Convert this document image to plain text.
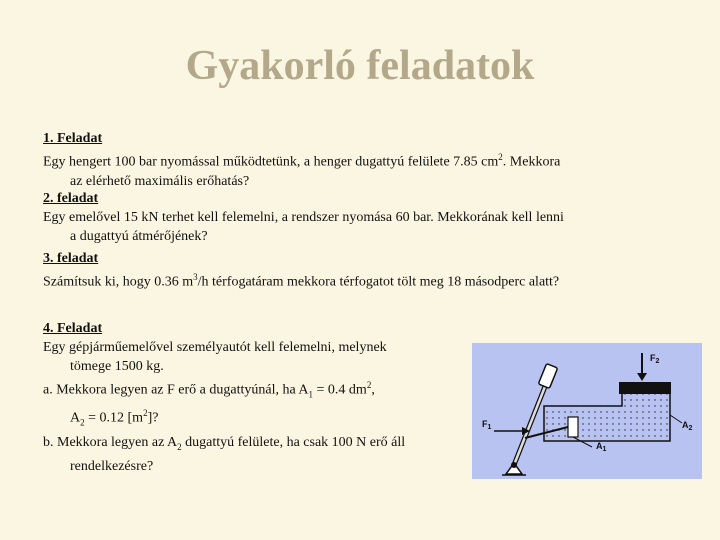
Gyakorló feladatok
1. Feladat
Egy hengert 100 bar nyomással működtetünk, a henger dugattyú felülete 7.85 $cm^2$. Mekkora
az elérhető maximális erőhatás?
2. feladat
Egy emelővel 15 kN terhet kell felemelni, a rendszer nyomása 60 bar. Mekkorának kell lenni
a dugattyú átmérőjének?
3. feladat
Számítsuk ki, hogy 0.36 $m^3/h$ térfogatáram mekkora térfogatot tölt meg 18 másodperc alatt?
4. Feladat
Egy gépjárműemelővel személyautót kell felemelni, melynek
tömege 1500 kg.
a. Mekkora legyen az F erő a dugattyúnál, ha $A_1 = 0.4$ $dm^2$,
$A_2 = 0.12$ $[m^2]$?
b. Mekkora legyen az $A_2$ dugattyú felülete, ha csak 100 N erő áll
rendelkezésre?
$F_2$
$F_1$	$A_2$
$A_1$
